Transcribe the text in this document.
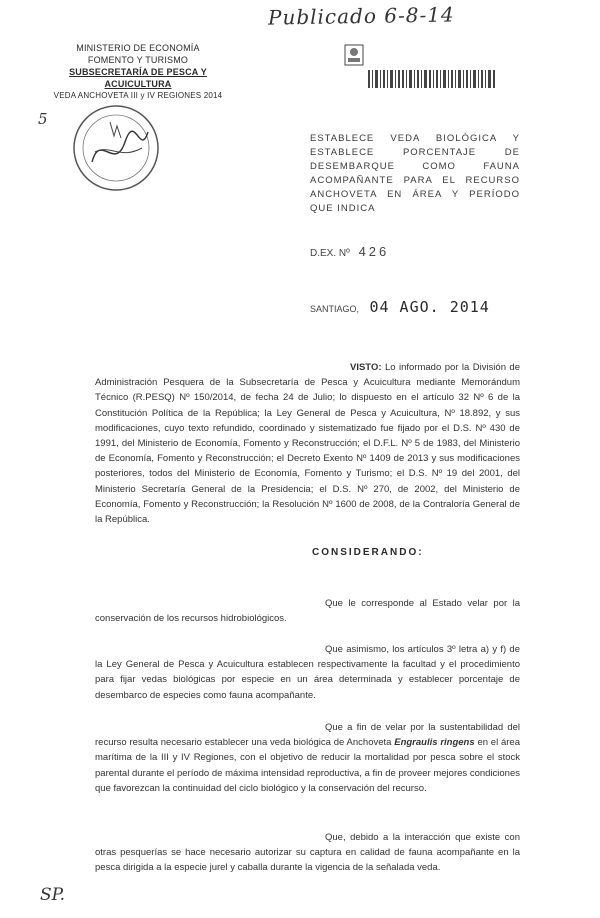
Publicado 6-8-14
MINISTERIO DE ECONOMÍA
FOMENTO Y TURISMO
SUBSECRETARÍA DE PESCA Y ACUICULTURA
VEDA ANCHOVETA III y IV REGIONES 2014
5
ESTABLECE VEDA BIOLÓGICA Y ESTABLECE PORCENTAJE DE DESEMBARQUE COMO FAUNA ACOMPAÑANTE PARA EL RECURSO ANCHOVETA EN ÁREA Y PERÍODO QUE INDICA
D.EX. Nº 426
SANTIAGO, 04 AGO. 2014
VISTO: Lo informado por la División de Administración Pesquera de la Subsecretaría de Pesca y Acuicultura mediante Memorándum Técnico (R.PESQ) Nº 150/2014, de fecha 24 de Julio; lo dispuesto en el artículo 32 Nº 6 de la Constitución Política de la República; la Ley General de Pesca y Acuicultura, Nº 18.892, y sus modificaciones, cuyo texto refundido, coordinado y sistematizado fue fijado por el D.S. Nº 430 de 1991, del Ministerio de Economía, Fomento y Reconstrucción; el D.F.L. Nº 5 de 1983, del Ministerio de Economía, Fomento y Reconstrucción; el Decreto Exento Nº 1409 de 2013 y sus modificaciones posteriores, todos del Ministerio de Economía, Fomento y Turismo; el D.S. Nº 19 del 2001, del Ministerio Secretaría General de la Presidencia; el D.S. Nº 270, de 2002, del Ministerio de Economía, Fomento y Reconstrucción; la Resolución Nº 1600 de 2008, de la Contraloría General de la República.
CONSIDERANDO:
Que le corresponde al Estado velar por la conservación de los recursos hidrobiológicos.
Que asimismo, los artículos 3º letra a) y f) de la Ley General de Pesca y Acuicultura establecen respectivamente la facultad y el procedimiento para fijar vedas biológicas por especie en un área determinada y establecer porcentaje de desembarco de especies como fauna acompañante.
Que a fin de velar por la sustentabilidad del recurso resulta necesario establecer una veda biológica de Anchoveta Engraulis ringens en el área marítima de la III y IV Regiones, con el objetivo de reducir la mortalidad por pesca sobre el stock parental durante el período de máxima intensidad reproductiva, a fin de proveer mejores condiciones que favorezcan la continuidad del ciclo biológico y la conservación del recurso.
Que, debido a la interacción que existe con otras pesquerías se hace necesario autorizar su captura en calidad de fauna acompañante en la pesca dirigida a la especie jurel y caballa durante la vigencia de la señalada veda.
SP.
